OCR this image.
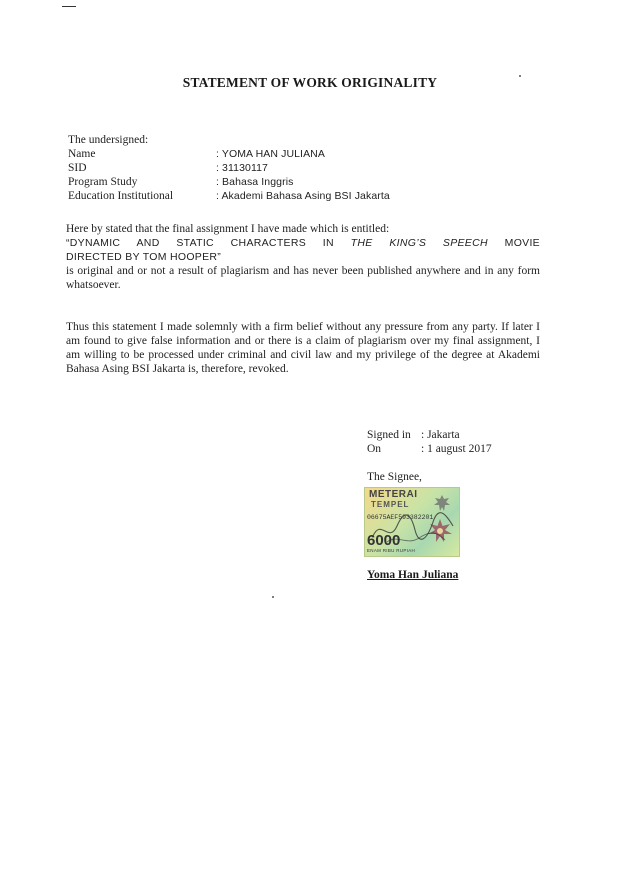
STATEMENT OF WORK ORIGINALITY
The undersigned:
Name	: YOMA HAN JULIANA
SID	: 31130117
Program Study	: Bahasa Inggris
Education Institutional	: Akademi Bahasa Asing BSI Jakarta
Here by stated that the final assignment I have made which is entitled:
“DYNAMIC AND STATIC CHARACTERS IN THE KING’S SPEECH MOVIE
DIRECTED BY TOM HOOPER”
is original and or not a result of plagiarism and has never been published anywhere and in any form whatsoever.
Thus this statement I made solemnly with a firm belief without any pressure from any party. If later I am found to give false information and or there is a claim of plagiarism over my final assignment, I am willing to be processed under criminal and civil law and my privilege of the degree at Akademi Bahasa Asing BSI Jakarta is, therefore, revoked.
Signed in : Jakarta
On	: 1 august 2017
The Signee,
METERAI
TEMPEL
06675AEF593382201
6000
ENAM RIBU RUPIAH
Yoma Han Juliana
